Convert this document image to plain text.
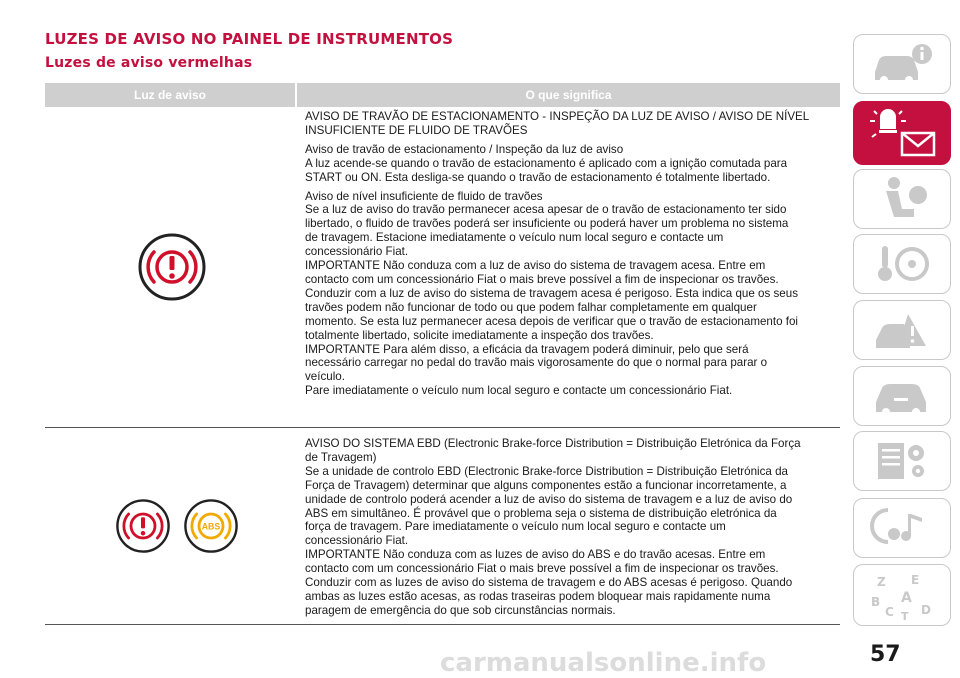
LUZES DE AVISO NO PAINEL DE INSTRUMENTOS
Luzes de aviso vermelhas
Luz de aviso	O que significa
AVISO DE TRAVÃO DE ESTACIONAMENTO - INSPEÇÃO DA LUZ DE AVISO / AVISO DE NÍVEL
INSUFICIENTE DE FLUIDO DE TRAVÕES
Aviso de travão de estacionamento / Inspeção da luz de aviso
A luz acende-se quando o travão de estacionamento é aplicado com a ignição comutada para
START ou ON. Esta desliga-se quando o travão de estacionamento é totalmente libertado.
Aviso de nível insuficiente de fluido de travões
Se a luz de aviso do travão permanecer acesa apesar de o travão de estacionamento ter sido
libertado, o fluido de travões poderá ser insuficiente ou poderá haver um problema no sistema
de travagem. Estacione imediatamente o veículo num local seguro e contacte um
concessionário Fiat.
IMPORTANTE Não conduza com a luz de aviso do sistema de travagem acesa. Entre em
contacto com um concessionário Fiat o mais breve possível a fim de inspecionar os travões.
Conduzir com a luz de aviso do sistema de travagem acesa é perigoso. Esta indica que os seus
travões podem não funcionar de todo ou que podem falhar completamente em qualquer
momento. Se esta luz permanecer acesa depois de verificar que o travão de estacionamento foi
totalmente libertado, solicite imediatamente a inspeção dos travões.
IMPORTANTE Para além disso, a eficácia da travagem poderá diminuir, pelo que será
necessário carregar no pedal do travão mais vigorosamente do que o normal para parar o
veículo.
Pare imediatamente o veículo num local seguro e contacte um concessionário Fiat.
ABS
AVISO DO SISTEMA EBD (Electronic Brake-force Distribution = Distribuição Eletrónica da Força
de Travagem)
Se a unidade de controlo EBD (Electronic Brake-force Distribution = Distribuição Eletrónica da
Força de Travagem) determinar que alguns componentes estão a funcionar incorretamente, a
unidade de controlo poderá acender a luz de aviso do sistema de travagem e a luz de aviso do
ABS em simultâneo. É provável que o problema seja o sistema de distribuição eletrónica da
força de travagem. Pare imediatamente o veículo num local seguro e contacte um
concessionário Fiat.
IMPORTANTE Não conduza com as luzes de aviso do ABS e do travão acesas. Entre em
contacto com um concessionário Fiat o mais breve possível a fim de inspecionar os travões.
Conduzir com as luzes de aviso do sistema de travagem e do ABS acesas é perigoso. Quando
ambas as luzes estão acesas, as rodas traseiras podem bloquear mais rapidamente numa
paragem de emergência do que sob circunstâncias normais.
Z E
B A
C D
T
carmanualsonline.info	57
